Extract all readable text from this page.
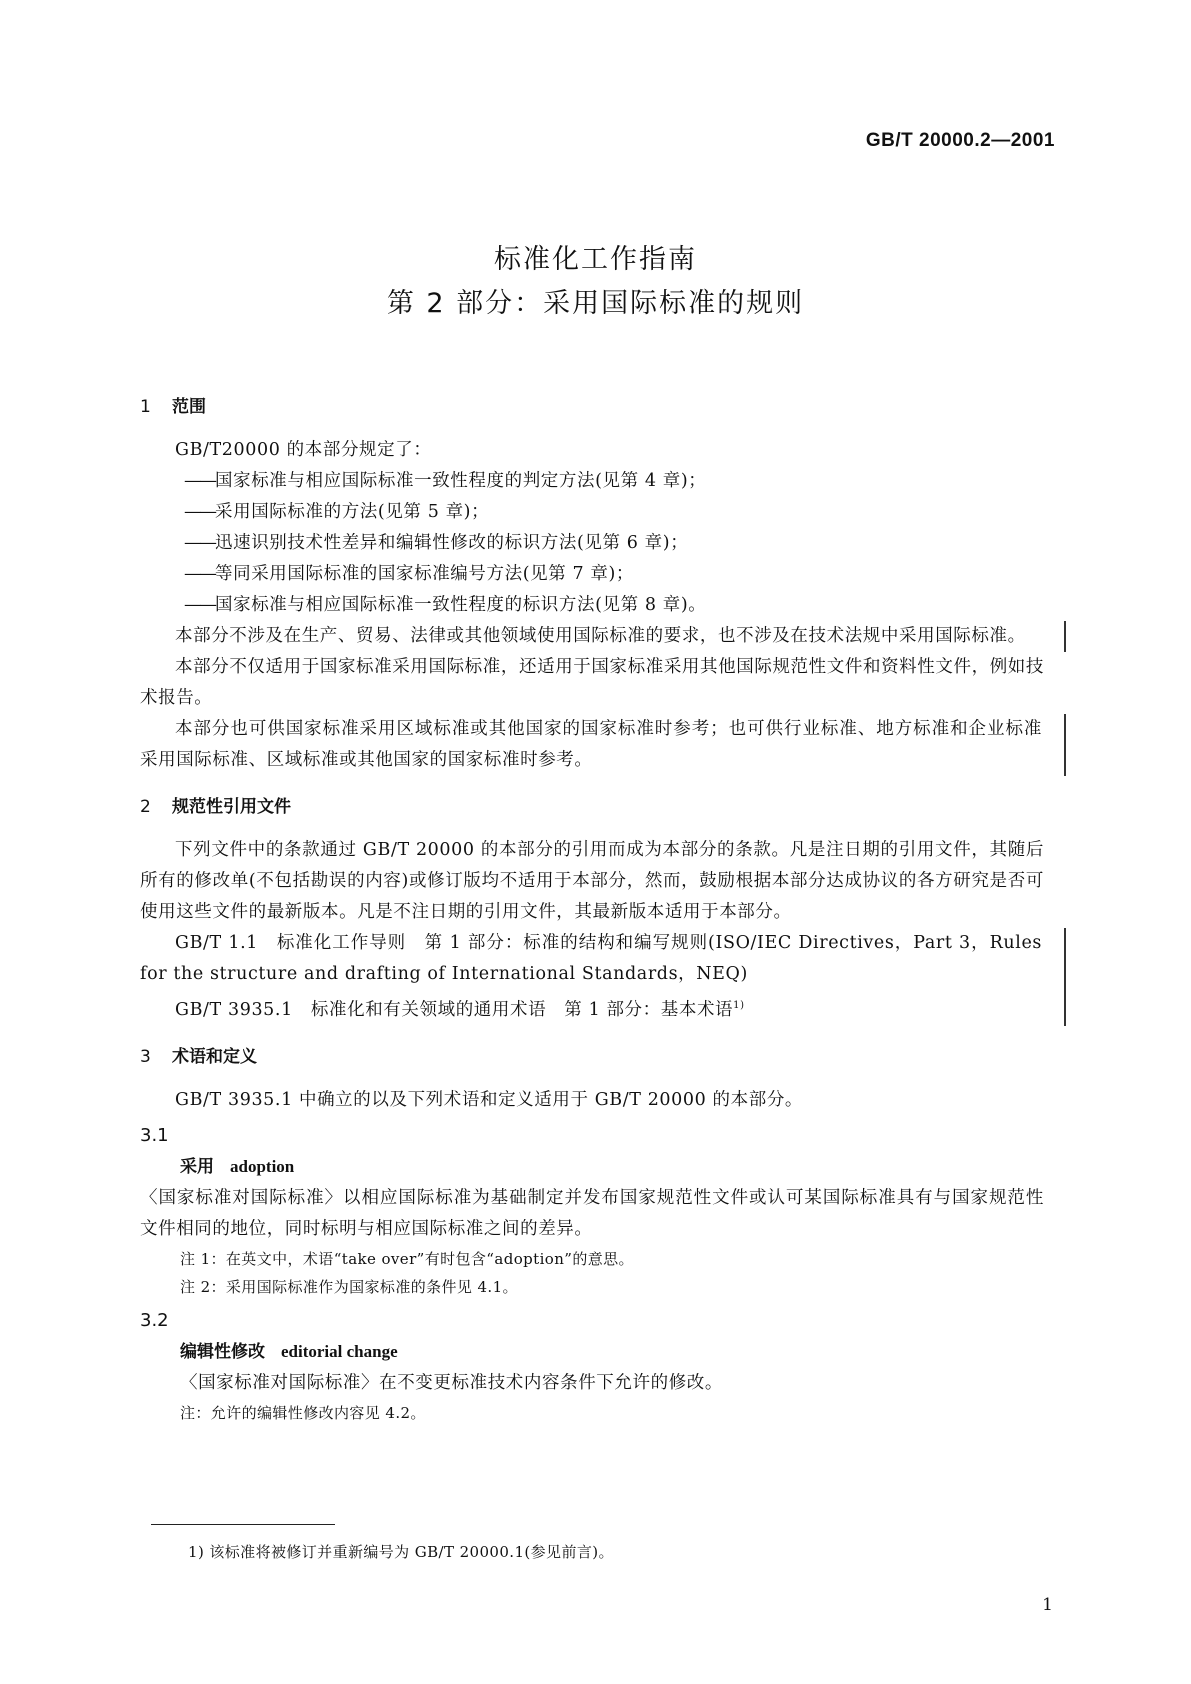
GB/T 20000.2—2001
标准化工作指南
第 2 部分：采用国际标准的规则
1 范围
GB/T20000 的本部分规定了：
——国家标准与相应国际标准一致性程度的判定方法(见第 4 章)；
——采用国际标准的方法(见第 5 章)；
——迅速识别技术性差异和编辑性修改的标识方法(见第 6 章)；
——等同采用国际标准的国家标准编号方法(见第 7 章)；
——国家标准与相应国际标准一致性程度的标识方法(见第 8 章)。
本部分不涉及在生产、贸易、法律或其他领域使用国际标准的要求，也不涉及在技术法规中采用国际标准。
本部分不仅适用于国家标准采用国际标准，还适用于国家标准采用其他国际规范性文件和资料性文件，例如技术报告。
本部分也可供国家标准采用区域标准或其他国家的国家标准时参考；也可供行业标准、地方标准和企业标准采用国际标准、区域标准或其他国家的国家标准时参考。
2 规范性引用文件
下列文件中的条款通过 GB/T 20000 的本部分的引用而成为本部分的条款。凡是注日期的引用文件，其随后所有的修改单(不包括勘误的内容)或修订版均不适用于本部分，然而，鼓励根据本部分达成协议的各方研究是否可使用这些文件的最新版本。凡是不注日期的引用文件，其最新版本适用于本部分。
GB/T 1.1　标准化工作导则　第 1 部分：标准的结构和编写规则(ISO/IEC Directives，Part 3，Rules for the structure and drafting of International Standards，NEQ)
GB/T 3935.1　标准化和有关领域的通用术语　第 1 部分：基本术语$^{1)}$
3 术语和定义
GB/T 3935.1 中确立的以及下列术语和定义适用于 GB/T 20000 的本部分。
3.1
采用 adoption
〈国家标准对国际标准〉以相应国际标准为基础制定并发布国家规范性文件或认可某国际标准具有与国家规范性文件相同的地位，同时标明与相应国际标准之间的差异。
注 1：在英文中，术语“take over”有时包含“adoption”的意思。
注 2：采用国际标准作为国家标准的条件见 4.1。
3.2
编辑性修改 editorial change
〈国家标准对国际标准〉在不变更标准技术内容条件下允许的修改。
注：允许的编辑性修改内容见 4.2。
1) 该标准将被修订并重新编号为 GB/T 20000.1(参见前言)。
1
